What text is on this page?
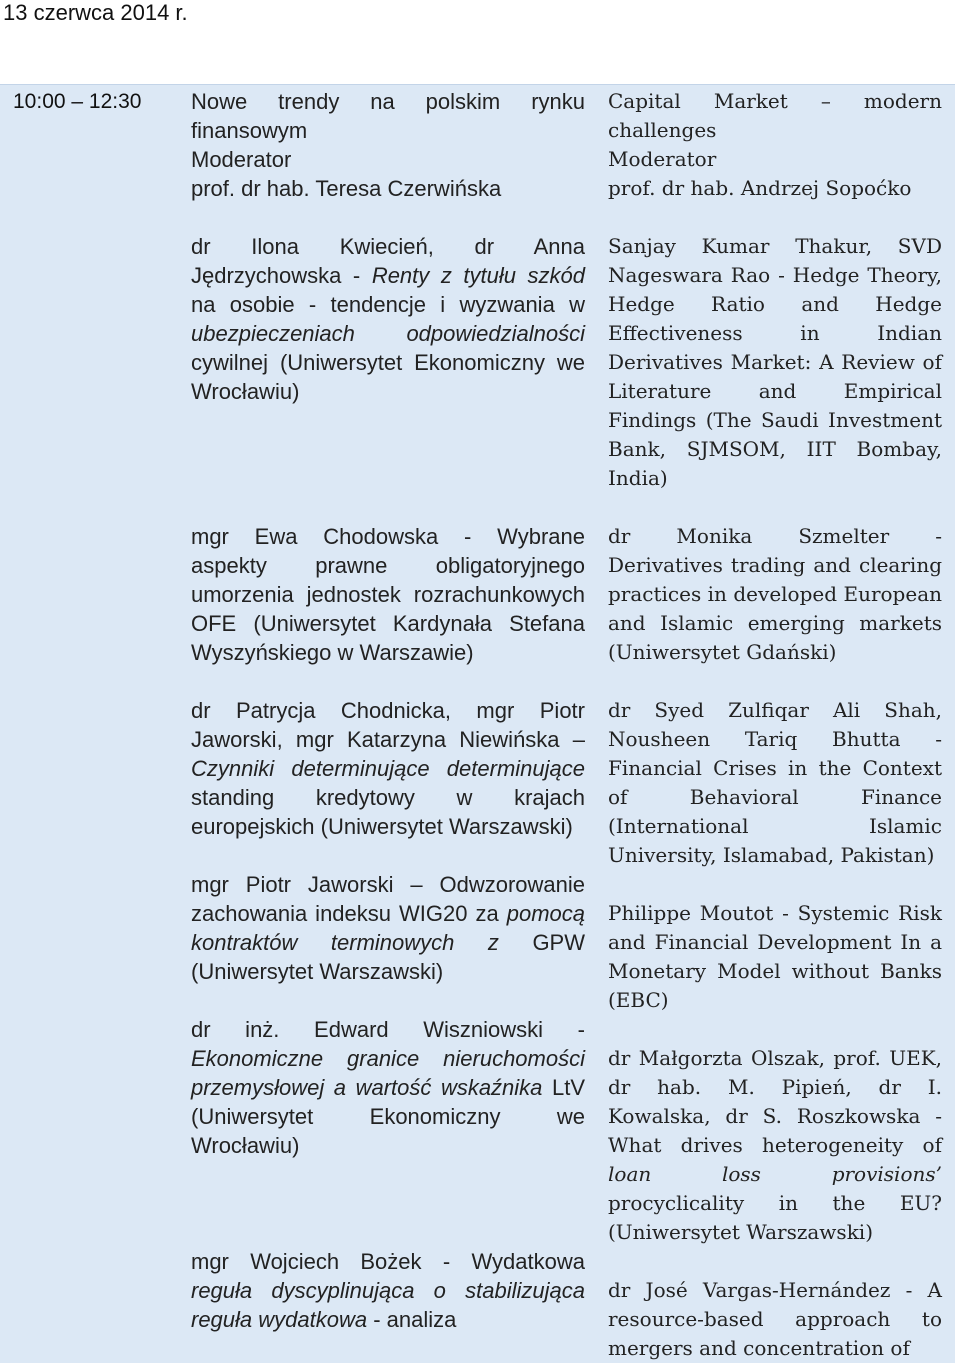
13 czerwca 2014 r.
10:00 – 12:30	Nowe trendy na polskim rynku finansowym
Moderator
prof. dr hab. Teresa Czerwińska
dr Ilona Kwiecień, dr Anna Jędrzychowska - Renty z tytułu szkód na osobie - tendencje i wyzwania w ubezpieczeniach odpowiedzialności cywilnej (Uniwersytet Ekonomiczny we Wrocławiu)
mgr Ewa Chodowska - Wybrane aspekty prawne obligatoryjnego umorzenia jednostek rozrachunkowych OFE (Uniwersytet Kardynała Stefana Wyszyńskiego w Warszawie)
dr Patrycja Chodnicka, mgr Piotr Jaworski, mgr Katarzyna Niewińska – Czynniki determinujące determinujące standing kredytowy w krajach europejskich (Uniwersytet Warszawski)
mgr Piotr Jaworski – Odwzorowanie zachowania indeksu WIG20 za pomocą kontraktów terminowych z GPW (Uniwersytet Warszawski)
dr inż. Edward Wiszniowski - Ekonomiczne granice nieruchomości przemysłowej a wartość wskaźnika LtV (Uniwersytet Ekonomiczny we Wrocławiu)
mgr Wojciech Bożek - Wydatkowa reguła dyscyplinująca o stabilizująca reguła wydatkowa - analiza
Capital Market – modern challenges
Moderator
prof. dr hab. Andrzej Sopoćko
Sanjay Kumar Thakur, SVD Nageswara Rao - Hedge Theory, Hedge Ratio and Hedge Effectiveness in Indian Derivatives Market: A Review of Literature and Empirical Findings (The Saudi Investment Bank, SJMSOM, IIT Bombay, India)
dr Monika Szmelter - Derivatives trading and clearing practices in developed European and Islamic emerging markets (Uniwersytet Gdański)
dr Syed Zulfiqar Ali Shah, Nousheen Tariq Bhutta - Financial Crises in the Context of Behavioral Finance (International Islamic University, Islamabad, Pakistan)
Philippe Moutot - Systemic Risk and Financial Development In a Monetary Model without Banks (EBC)
dr Małgorzta Olszak, prof. UEK, dr hab. M. Pipień, dr I. Kowalska, dr S. Roszkowska - What drives heterogeneity of loan loss provisions’ procyclicality in the EU? (Uniwersytet Warszawski)
dr José Vargas-Hernández - A resource-based approach to mergers and concentration of
